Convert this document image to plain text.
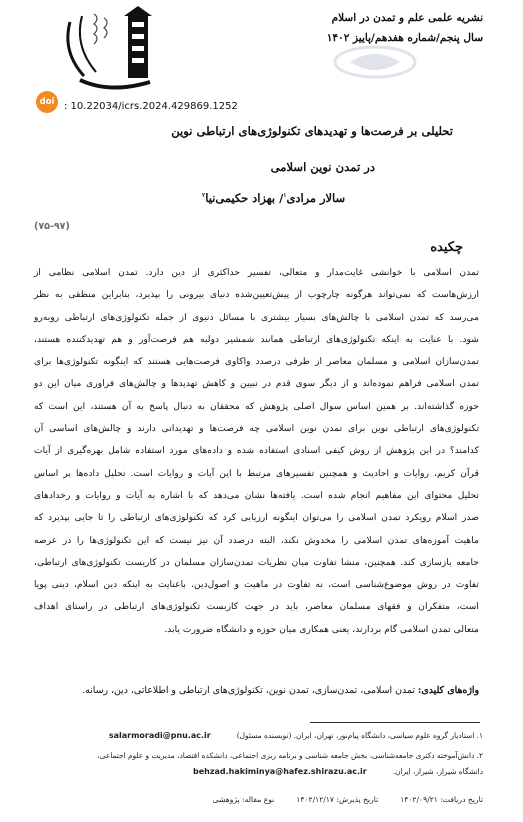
نشریه علمی علم و تمدن در اسلام
سال پنجم/شماره هفدهم/پاییز ۱۴۰۲
doi : 10.22034/icrs.2024.429869.1252
تحلیلی بر فرصت‌ها و تهدیدهای تکنولوژی‌های ارتباطی نوین
در تمدن نوین اسلامی
سالار مرادی$^۱$/ بهزاد حکیمی‌نیا$^۲$
(۷۵-۹۷)
چکیده
تمدن اسلامی با خوانشی غایت‌مدار و متعالی، تفسیر حداکثری از دین دارد. تمدن اسلامی نظامی از
ارزش‌هاست که نمی‌تواند هرگونه چارچوب از پیش‌تعیین‌شده دنیای بیرونی را بپذیرد، بنابراین منطقی به نظر
می‌رسد که تمدن اسلامی با چالش‌های بسیار بیشتری با مسائل دنیوی از جمله تکنولوژی‌های ارتباطی روبه‌رو
شود. با عنایت به اینکه تکنولوژی‌های ارتباطی همانند شمشیر دولبه هم فرصت‌آور و هم تهدیدکننده هستند،
تمدن‌سازان اسلامی و مسلمان معاصر از طرفی درصدد واکاوی فرصت‌هایی هستند که اینگونه تکنولوژی‌ها برای
تمدن اسلامی فراهم نموده‌اند و از دیگر سوی قدم در تبیین و کاهش تهدیدها و چالش‌های فراوری میان این دو
حوزه گذاشته‌اند. بر همین اساس سوال اصلی پژوهش که محققان به دنبال پاسخ به آن هستند، این است که
تکنولوژی‌های ارتباطی نوین برای تمدن نوین اسلامی چه فرصت‌ها و تهدیداتی دارند و چالش‌های اساسی آن
کدامند؟ در این پژوهش از روش کیفی اسنادی استفاده شده و داده‌های مورد استفاده شامل بهرەگیری از آیات
قرآن کریم، روایات و احادیث و همچنین تفسیرهای مرتبط با این آیات و روایات است. تحلیل داده‌ها بر اساس
تحلیل محتوای این مفاهیم انجام شده است. یافته‌ها نشان می‌دهد که با اشاره به آیات و روایات و رخدادهای
صدر اسلام رویکرد تمدن اسلامی را می‌توان اینگونه ارزیابی کرد که تکنولوژی‌های ارتباطی را تا جایی بپذیرد که
ماهیت آموزه‌های تمدن اسلامی را مخدوش نکند، البته درصدد آن نیز نیست که این تکنولوژی‌ها را در عرصه
جامعه بازسازی کند. همچنین، منشا تفاوت میان نظریات تمدن‌سازان مسلمان در کاربست تکنولوژی‌های ارتباطی،
تفاوت در روش موضوع‌شناسی است، نه تفاوت در ماهیت و اصول‌دین. باعنایت به اینکه دین اسلام، دینی پویا
است، متفکران و فقهای مسلمان معاصر، باید در جهت کاربست تکنولوژی‌های ارتباطی در راستای اهداف
متعالی تمدن اسلامی گام بردارند، یعنی همکاری میان حوزه و دانشگاه ضرورت یابد.
واژه‌های کلیدی: تمدن اسلامی، تمدن‌سازی، تمدن نوین، تکنولوژی‌های ارتباطی و اطلاعاتی، دین، رسانه.
۱. استادیار گروه علوم سیاسی، دانشگاه پیام‌نور، تهران، ایران. (نویسنده مسئول)salarmoradi@pnu.ac.ir
۲. دانش‌آموخته دکتری جامعه‌شناسی، بخش جامعه شناسی و برنامه ریزی اجتماعی، دانشکده اقتصاد، مدیریت و علوم اجتماعی،
دانشگاه شیراز، شیراز، ایران.behzad.hakiminya@hafez.shirazu.ac.ir
تاریخ دریافت: ۱۴۰۲/۰۹/۲۱تاریخ پذیرش: ۱۴۰۲/۱۲/۱۷نوع مقاله: پژوهشی
